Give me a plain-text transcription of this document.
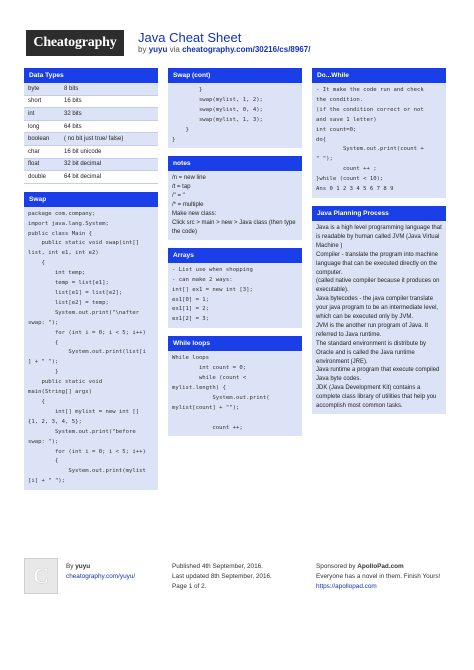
Cheatography	Java Cheat Sheet
by yuyu via cheatography.com/30216/cs/8967/
Data Types
byte	8 bits
short	16 bits
int	32 bits
long	64 bits
boolean	( no bit just true/ false)
char	16 bit unicode
float	32 bit decimal
double	64 bit decimal
Swap
package com.company;
import java.lang.System;
public class Main {
public static void swap(int[]
list, int e1, int e2)
{
int temp;
temp = list[e1];
list[e1] = list[e2];
list[e2] = temp;
System.out.print("\nafter
swap: ");
for (int i = 0; i < 5; i++)
{
System.out.print(list[i
] + " ");
}
public static void
main(String[] args)
{
int[] mylist = new int []
{1, 2, 3, 4, 5};
System.out.print("before
swap: ");
for (int i = 0; i < 5; i++)
{
System.out.print(mylist
[i] + " ");
Swap (cont)
}
swap(mylist, 1, 2);
swap(mylist, 0, 4);
swap(mylist, 1, 3);
}
}
notes
/n = new line
/t = tap
/" = "
/* = multiple
Make new class:
Click src > main > new > Java class (then type the code)
Arrays
- List use when shopping
- can make 2 ways:
int[] ex1 = new int [3];
ex1[0] = 1;
ex1[1] = 2;
ex1[2] = 3;
While loops
While loops
int count = 0;
while (count <
mylist.length) {
System.out.print(
mylist[count] + "");

count ++;
Do...While
- It make the code run and check
the condition.
(if the condition correct or not
and save 1 letter)
int count=0;
do{
System.out.print(count +
" ");
count ++ ;
}while (count < 10);
Ans 0 1 2 3 4 5 6 7 8 9
Java Planning Process
Java is a high level programming language that is readable by human called JVM (Java Virtual Machine )
Compiler - translate the program into machine language that can be executed directly on the computer.
(called native compiler because it produces on executable).
Java bytecodes - the java compiler translate your java program to be an intermediate level, which can be executed only by JVM.
JVM is the another run program of Java. It referred to Java runtime.
The standard environment is distribute by Oracle and is called the Java runtime environment (JRE).
Java runtime a program that execute compiled Java byte codes.
JDK (Java Development Kit) contains a complete class library of utilities that help you accomplish most common tasks.
C	By yuyu
cheatography.com/yuyu/
Published 4th September, 2016.
Last updated 8th September, 2016.
Page 1 of 2.
Sponsored by ApolloPad.com
Everyone has a novel in them. Finish Yours!
https://apollopad.com
